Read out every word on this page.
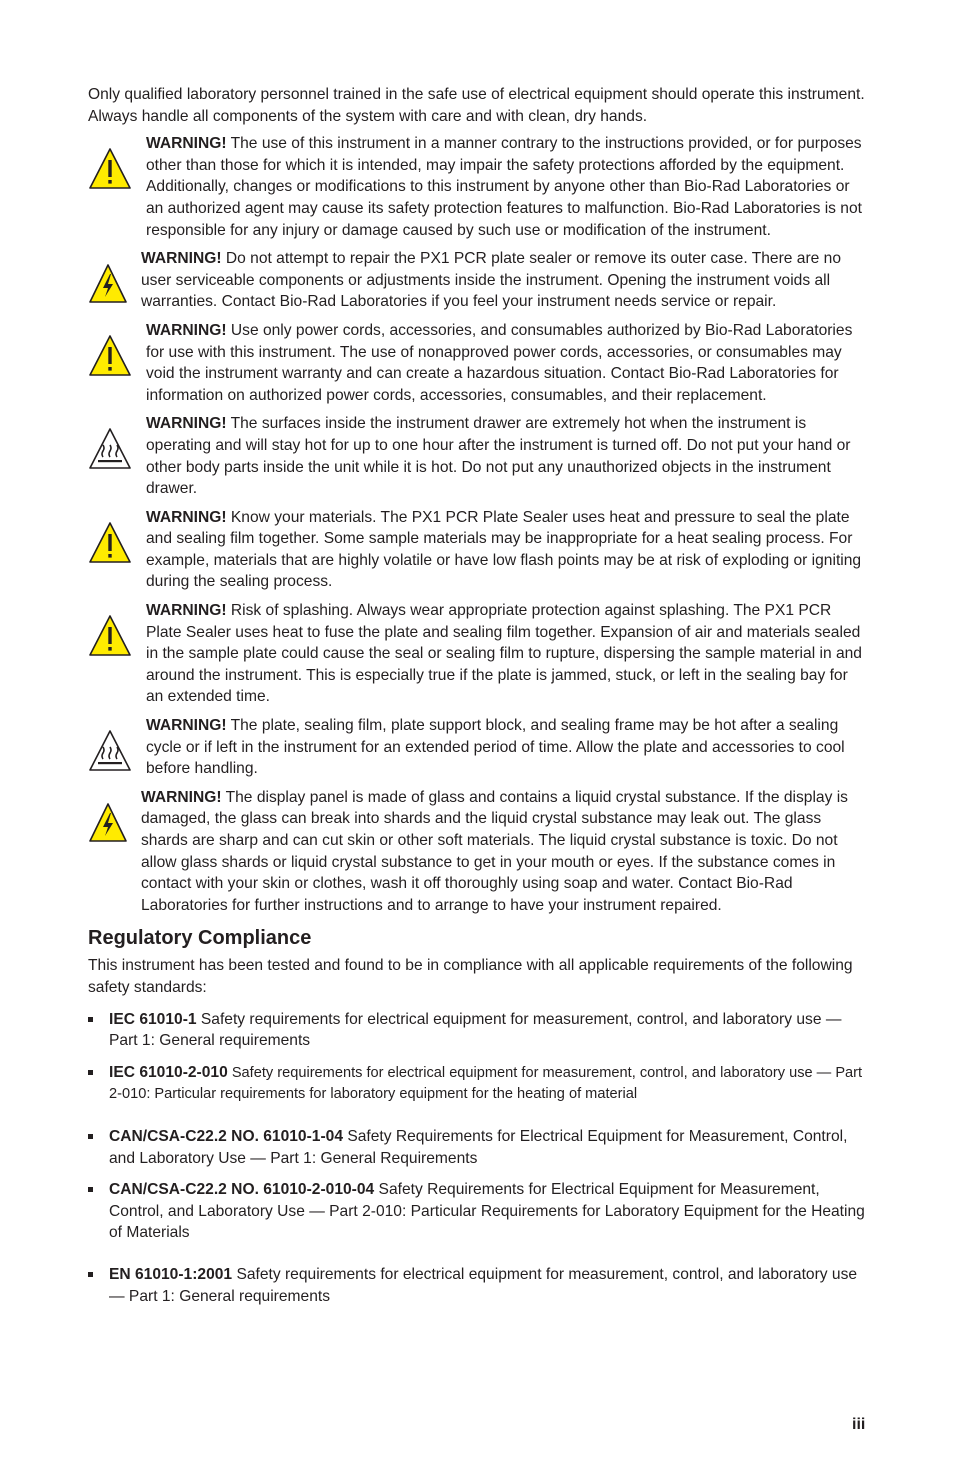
Only qualified laboratory personnel trained in the safe use of electrical equipment should operate this instrument. Always handle all components of the system with care and with clean, dry hands.

WARNING! The use of this instrument in a manner contrary to the instructions provided, or for purposes other than those for which it is intended, may impair the safety protections afforded by the equipment. Additionally, changes or modifications to this instrument by anyone other than Bio-Rad Laboratories or an authorized agent may cause its safety protection features to malfunction. Bio-Rad Laboratories is not responsible for any injury or damage caused by such use or modification of the instrument.

WARNING! Do not attempt to repair the PX1 PCR plate sealer or remove its outer case. There are no user serviceable components or adjustments inside the instrument. Opening the instrument voids all warranties. Contact Bio-Rad Laboratories if you feel your instrument needs service or repair.

WARNING! Use only power cords, accessories, and consumables authorized by Bio-Rad Laboratories for use with this instrument. The use of nonapproved power cords, accessories, or consumables may void the instrument warranty and can create a hazardous situation. Contact Bio-Rad Laboratories for information on authorized power cords, accessories, consumables, and their replacement.

WARNING! The surfaces inside the instrument drawer are extremely hot when the instrument is operating and will stay hot for up to one hour after the instrument is turned off. Do not put your hand or other body parts inside the unit while it is hot. Do not put any unauthorized objects in the instrument drawer.

WARNING! Know your materials. The PX1 PCR Plate Sealer uses heat and pressure to seal the plate and sealing film together. Some sample materials may be inappropriate for a heat sealing process. For example, materials that are highly volatile or have low flash points may be at risk of exploding or igniting during the sealing process.

WARNING! Risk of splashing. Always wear appropriate protection against splashing. The PX1 PCR Plate Sealer uses heat to fuse the plate and sealing film together. Expansion of air and materials sealed in the sample plate could cause the seal or sealing film to rupture, dispersing the sample material in and around the instrument. This is especially true if the plate is jammed, stuck, or left in the sealing bay for an extended time.

WARNING! The plate, sealing film, plate support block, and sealing frame may be hot after a sealing cycle or if left in the instrument for an extended period of time. Allow the plate and accessories to cool before handling.

WARNING! The display panel is made of glass and contains a liquid crystal substance. If the display is damaged, the glass can break into shards and the liquid crystal substance may leak out. The glass shards are sharp and can cut skin or other soft materials. The liquid crystal substance is toxic. Do not allow glass shards or liquid crystal substance to get in your mouth or eyes. If the substance comes in contact with your skin or clothes, wash it off thoroughly using soap and water. Contact Bio-Rad Laboratories for further instructions and to arrange to have your instrument repaired.

Regulatory Compliance

This instrument has been tested and found to be in compliance with all applicable requirements of the following safety standards:

IEC 61010-1 Safety requirements for electrical equipment for measurement, control, and laboratory use — Part 1: General requirements
IEC 61010-2-010 Safety requirements for electrical equipment for measurement, control, and laboratory use — Part 2-010: Particular requirements for laboratory equipment for the heating of material
CAN/CSA-C22.2 NO. 61010-1-04 Safety Requirements for Electrical Equipment for Measurement, Control, and Laboratory Use — Part 1: General Requirements
CAN/CSA-C22.2 NO. 61010-2-010-04 Safety Requirements for Electrical Equipment for Measurement, Control, and Laboratory Use — Part 2-010: Particular Requirements for Laboratory Equipment for the Heating of Materials
EN 61010-1:2001 Safety requirements for electrical equipment for measurement, control, and laboratory use — Part 1: General requirements
iii
